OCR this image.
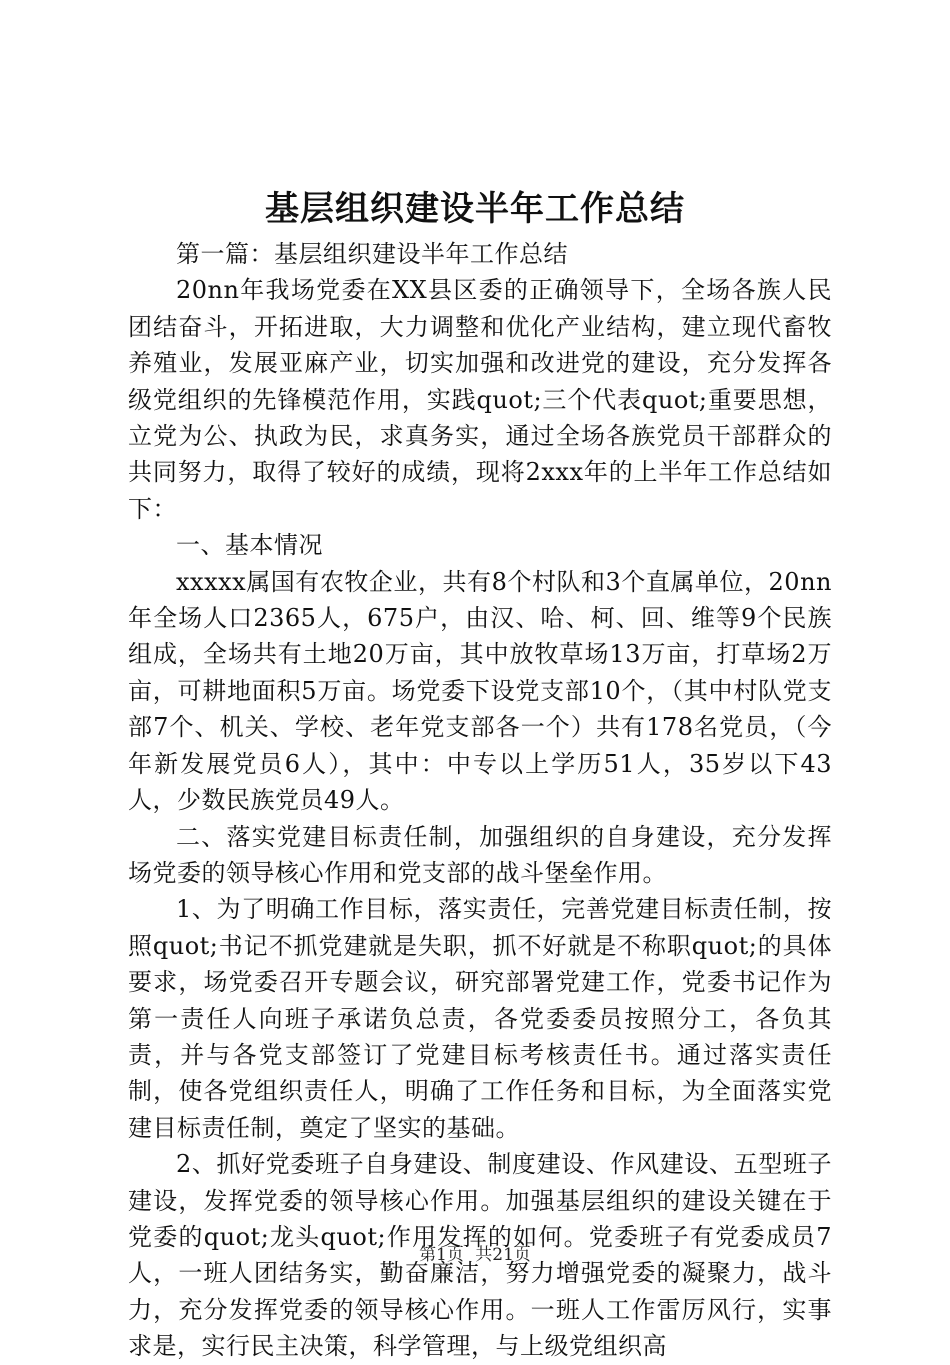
基层组织建设半年工作总结

第一篇：基层组织建设半年工作总结

20nn年我场党委在XX县区委的正确领导下，全场各族人民团结奋斗，开拓进取，大力调整和优化产业结构，建立现代畜牧养殖业，发展亚麻产业，切实加强和改进党的建设，充分发挥各级党组织的先锋模范作用，实践quot;三个代表quot;重要思想，立党为公、执政为民，求真务实，通过全场各族党员干部群众的共同努力，取得了较好的成绩，现将2xxx年的上半年工作总结如下：

一、基本情况

xxxxx属国有农牧企业，共有8个村队和3个直属单位，20nn年全场人口2365人，675户，由汉、哈、柯、回、维等9个民族组成，全场共有土地20万亩，其中放牧草场13万亩，打草场2万亩，可耕地面积5万亩。场党委下设党支部10个，（其中村队党支部7个、机关、学校、老年党支部各一个）共有178名党员，（今年新发展党员6人），其中：中专以上学历51人，35岁以下43人，少数民族党员49人。

二、落实党建目标责任制，加强组织的自身建设，充分发挥场党委的领导核心作用和党支部的战斗堡垒作用。

1、为了明确工作目标，落实责任，完善党建目标责任制，按照quot;书记不抓党建就是失职，抓不好就是不称职quot;的具体要求，场党委召开专题会议，研究部署党建工作，党委书记作为第一责任人向班子承诺负总责，各党委委员按照分工，各负其责，并与各党支部签订了党建目标考核责任书。通过落实责任制，使各党组织责任人，明确了工作任务和目标，为全面落实党建目标责任制，奠定了坚实的基础。

2、抓好党委班子自身建设、制度建设、作风建设、五型班子建设，发挥党委的领导核心作用。加强基层组织的建设关键在于党委的quot;龙头quot;作用发挥的如何。党委班子有党委成员7人，一班人团结务实，勤奋廉洁，努力增强党委的凝聚力，战斗力，充分发挥党委的领导核心作用。一班人工作雷厉风行，实事求是，实行民主决策，科学管理，与上级党组织高

第1页 共21页
